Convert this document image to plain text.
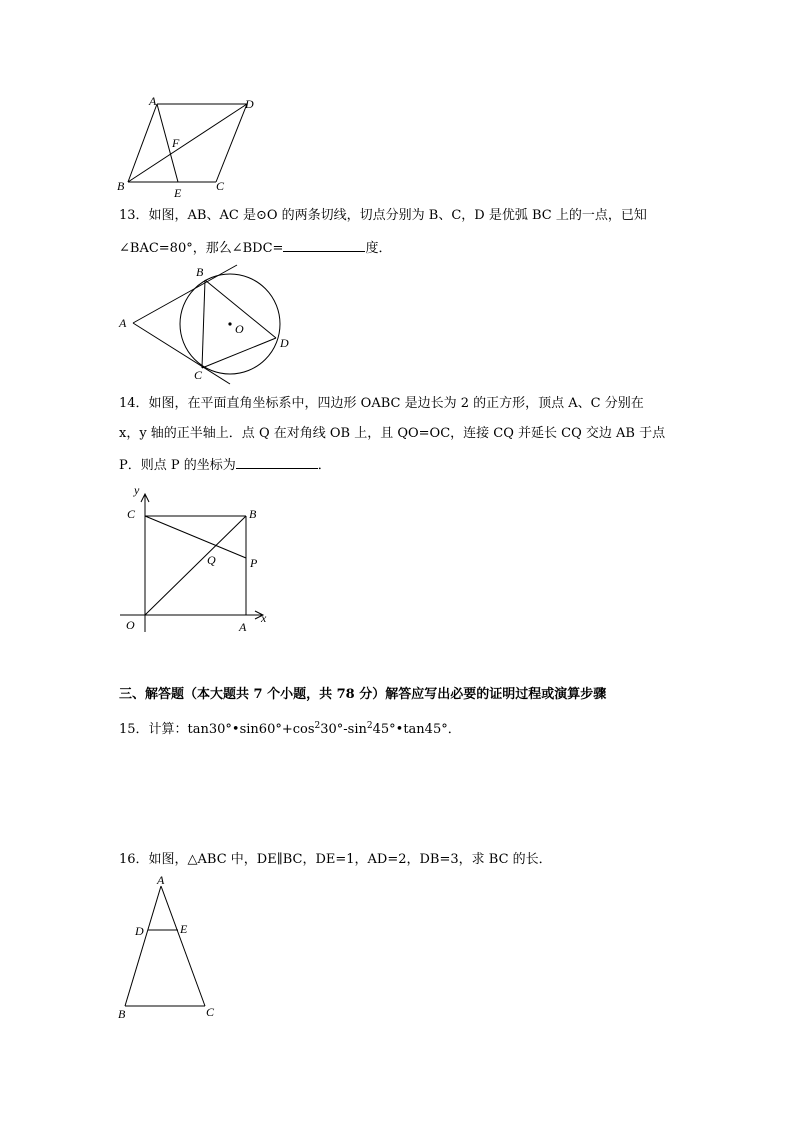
A	D
F
B	E	C
13．如图，AB、AC 是⊙O 的两条切线，切点分别为 B、C，D 是优弧 BC 上的一点，已知
∠BAC=80°，那么∠BDC=	度．
A
B
C
D
O
14．如图，在平面直角坐标系中，四边形 OABC 是边长为 2 的正方形，顶点 A、C 分别在
x，y 轴的正半轴上．点 Q 在对角线 OB 上，且 QO=OC，连接 CQ 并延长 CQ 交边 AB 于点
P．则点 P 的坐标为	．
y
x
C	B
Q	P
O	A
三、解答题（本大题共 7 个小题，共 78 分）解答应写出必要的证明过程或演算步骤
15．计算：$\tan 30^\circ•\sin 60^\circ+\cos^230^\circ-\sin^245^\circ•\tan 45^\circ$．
16．如图，△ABC 中，DE∥BC，DE=1，AD=2，DB=3，求 BC 的长．
A
D	E
B	C
